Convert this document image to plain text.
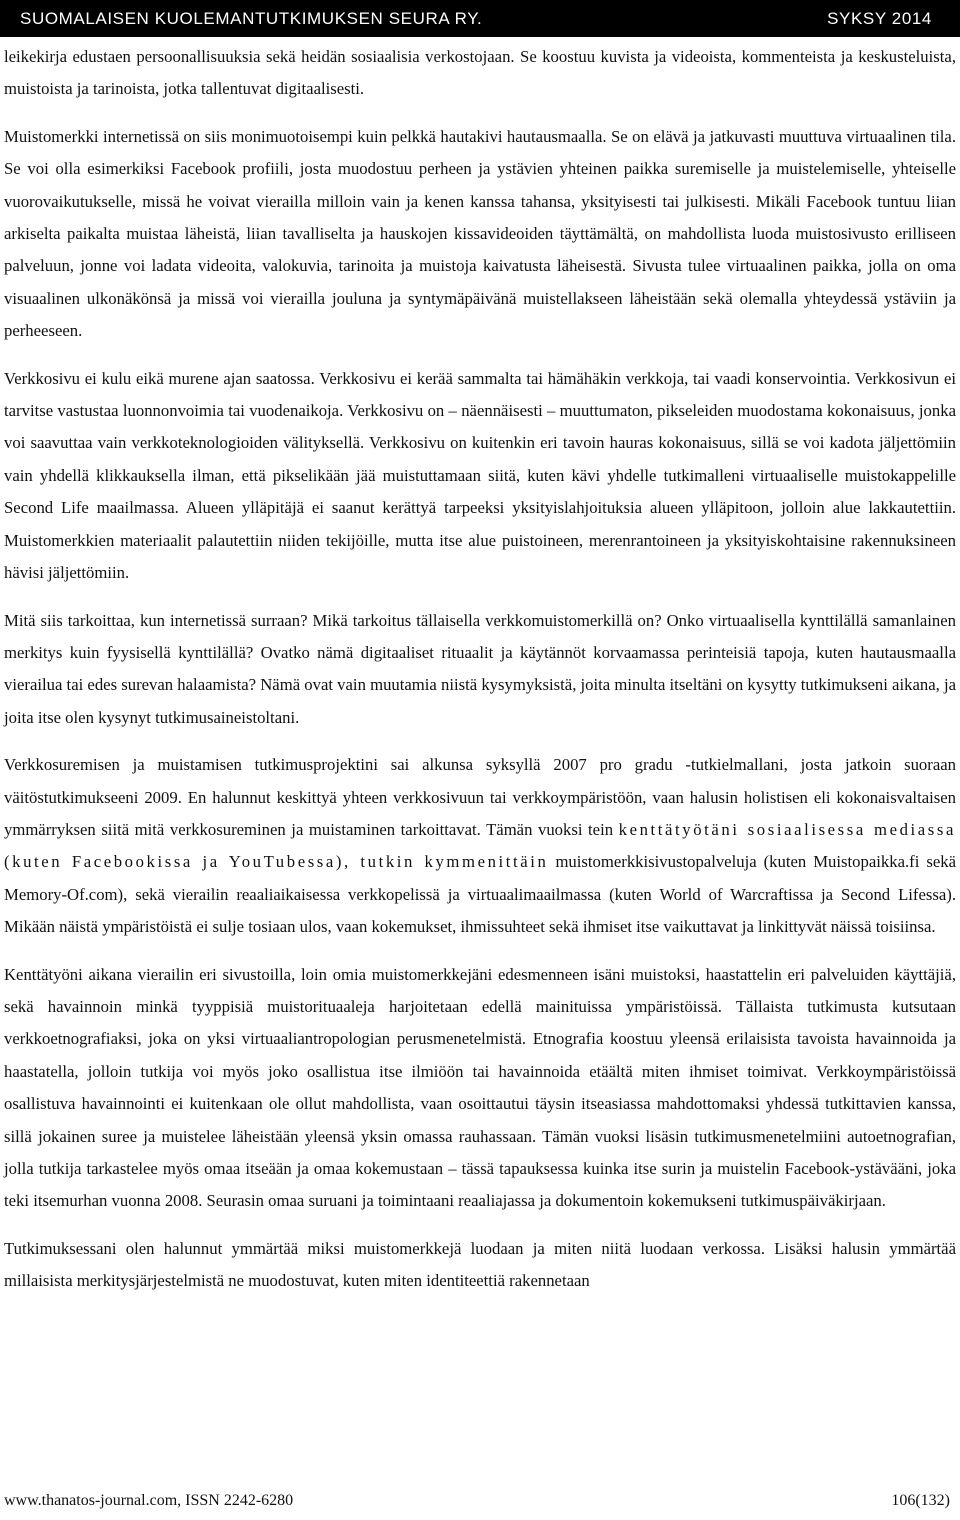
SUOMALAISEN KUOLEMANTUTKIMUKSEN SEURA RY.	SYKSY 2014

leikekirja edustaen persoonallisuuksia sekä heidän sosiaalisia verkostojaan. Se koostuu kuvista ja videoista, kommenteista ja keskusteluista, muistoista ja tarinoista, jotka tallentuvat digitaalisesti.

Muistomerkki internetissä on siis monimuotoisempi kuin pelkkä hautakivi hautausmaalla. Se on elävä ja jatkuvasti muuttuva virtuaalinen tila. Se voi olla esimerkiksi Facebook profiili, josta muodostuu perheen ja ystävien yhteinen paikka suremiselle ja muistelemiselle, yhteiselle vuorovaikutukselle, missä he voivat vierailla milloin vain ja kenen kanssa tahansa, yksityisesti tai julkisesti. Mikäli Facebook tuntuu liian arkiselta paikalta muistaa läheistä, liian tavalliselta ja hauskojen kissavideoiden täyttämältä, on mahdollista luoda muistosivusto erilliseen palveluun, jonne voi ladata videoita, valokuvia, tarinoita ja muistoja kaivatusta läheisestä. Sivusta tulee virtuaalinen paikka, jolla on oma visuaalinen ulkonäkönsä ja missä voi vierailla jouluna ja syntymäpäivänä muistellakseen läheistään sekä olemalla yhteydessä ystäviin ja perheeseen.

Verkkosivu ei kulu eikä murene ajan saatossa. Verkkosivu ei kerää sammalta tai hämähäkin verkkoja, tai vaadi konservointia. Verkkosivun ei tarvitse vastustaa luonnonvoimia tai vuodenaikoja. Verkkosivu on – näennäisesti – muuttumaton, pikseleiden muodostama kokonaisuus, jonka voi saavuttaa vain verkkoteknologioiden välityksellä. Verkkosivu on kuitenkin eri tavoin hauras kokonaisuus, sillä se voi kadota jäljettömiin vain yhdellä klikkauksella ilman, että pikselikään jää muistuttamaan siitä, kuten kävi yhdelle tutkimalleni virtuaaliselle muistokappelille Second Life maailmassa. Alueen ylläpitäjä ei saanut kerättyä tarpeeksi yksityislahjoituksia alueen ylläpitoon, jolloin alue lakkautettiin. Muistomerkkien materiaalit palautettiin niiden tekijöille, mutta itse alue puistoineen, merenrantoineen ja yksityiskohtaisine rakennuksineen hävisi jäljettömiin.

Mitä siis tarkoittaa, kun internetissä surraan? Mikä tarkoitus tällaisella verkkomuistomerkillä on? Onko virtuaalisella kynttilällä samanlainen merkitys kuin fyysisellä kynttilällä? Ovatko nämä digitaaliset rituaalit ja käytännöt korvaamassa perinteisiä tapoja, kuten hautausmaalla vierailua tai edes surevan halaamista? Nämä ovat vain muutamia niistä kysymyksistä, joita minulta itseltäni on kysytty tutkimukseni aikana, ja joita itse olen kysynyt tutkimusaineistoltani.

Verkkosuremisen ja muistamisen tutkimusprojektini sai alkunsa syksyllä 2007 pro gradu -tutkielmallani, josta jatkoin suoraan väitöstutkimukseeni 2009. En halunnut keskittyä yhteen verkkosivuun tai verkkoympäristöön, vaan halusin holistisen eli kokonaisvaltaisen ymmärryksen siitä mitä verkkosureminen ja muistaminen tarkoittavat. Tämän vuoksi tein kenttätyötäni sosiaalisessa mediassa (kuten Facebookissa ja YouTubessa), tutkin kymmenittäin muistomerkkisivustopalveluja (kuten Muistopaikka.fi sekä Memory-Of.com), sekä vierailin reaaliaikaisessa verkkopelissä ja virtuaalimaailmassa (kuten World of Warcraftissa ja Second Lifessa). Mikään näistä ympäristöistä ei sulje tosiaan ulos, vaan kokemukset, ihmissuhteet sekä ihmiset itse vaikuttavat ja linkittyvät näissä toisiinsa.

Kenttätyöni aikana vierailin eri sivustoilla, loin omia muistomerkkejäni edesmenneen isäni muistoksi, haastattelin eri palveluiden käyttäjiä, sekä havainnoin minkä tyyppisiä muistorituaaleja harjoitetaan edellä mainituissa ympäristöissä. Tällaista tutkimusta kutsutaan verkkoetnografiaksi, joka on yksi virtuaaliantropologian perusmenetelmistä. Etnografia koostuu yleensä erilaisista tavoista havainnoida ja haastatella, jolloin tutkija voi myös joko osallistua itse ilmiöön tai havainnoida etäältä miten ihmiset toimivat. Verkkoympäristöissä osallistuva havainnointi ei kuitenkaan ole ollut mahdollista, vaan osoittautui täysin itseasiassa mahdottomaksi yhdessä tutkittavien kanssa, sillä jokainen suree ja muistelee läheistään yleensä yksin omassa rauhassaan. Tämän vuoksi lisäsin tutkimusmenetelmiini autoetnografian, jolla tutkija tarkastelee myös omaa itseään ja omaa kokemustaan – tässä tapauksessa kuinka itse surin ja muistelin Facebook-ystävääni, joka teki itsemurhan vuonna 2008. Seurasin omaa suruani ja toimintaani reaaliajassa ja dokumentoin kokemukseni tutkimuspäiväkirjaan.

Tutkimuksessani olen halunnut ymmärtää miksi muistomerkkejä luodaan ja miten niitä luodaan verkossa. Lisäksi halusin ymmärtää millaisista merkitysjärjestelmistä ne muodostuvat, kuten miten identiteettiä rakennetaan

www.thanatos-journal.com, ISSN 2242-6280	106(132)
